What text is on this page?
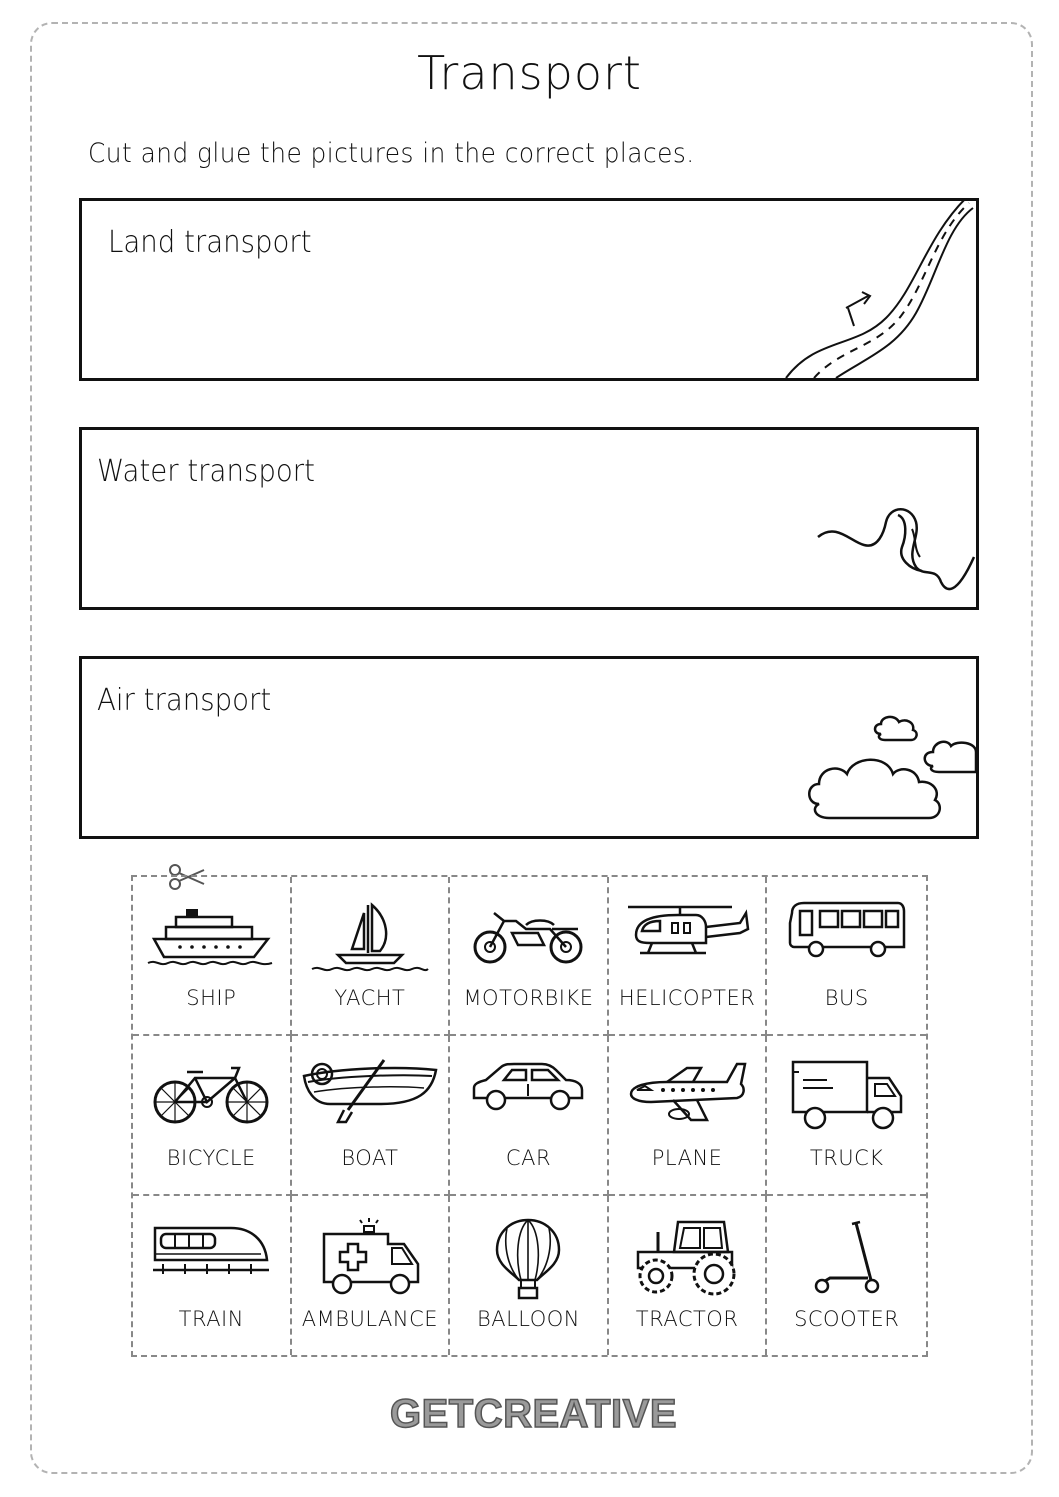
Transport
Cut and glue the pictures in the correct places.
Land transport
Water transport
Air transport
SHIP	YACHT	MOTORBIKE	HELICOPTER	BUS
BICYCLE	BOAT	CAR	PLANE	TRUCK
TRAIN	AMBULANCE	BALLOON	TRACTOR	SCOOTER
GETCREATIVE
